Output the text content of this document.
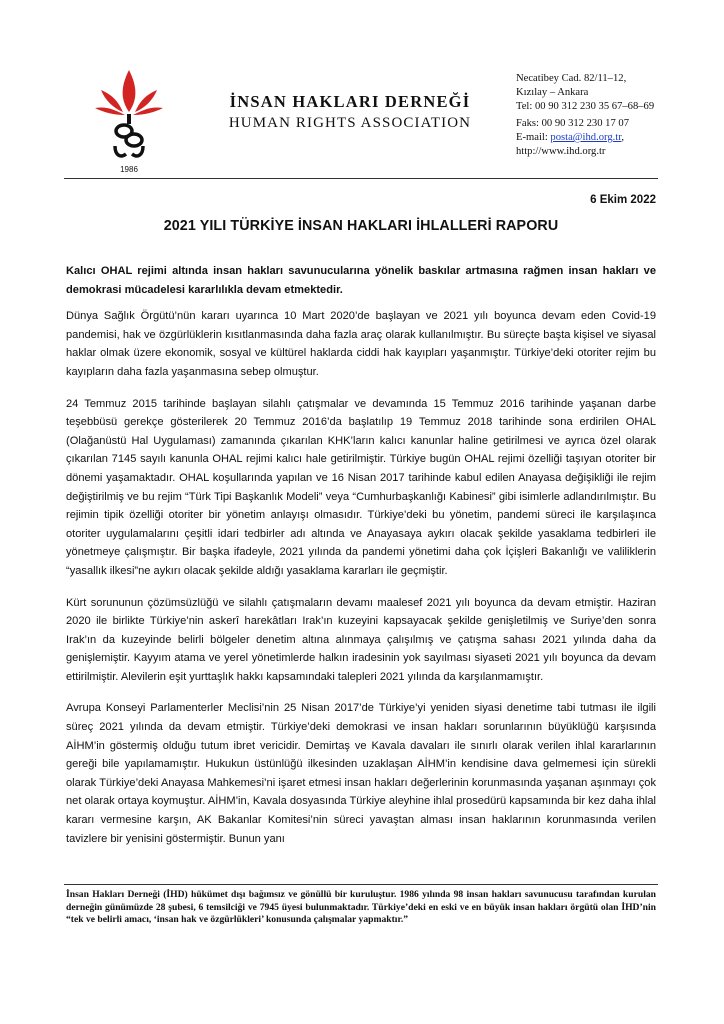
1986
İNSAN HAKLARI DERNEĞİ
HUMAN RIGHTS ASSOCIATION
Necatibey Cad. 82/11–12,
Kızılay – Ankara
Tel: 00 90 312 230 35 67–68–69
Faks: 00 90 312 230 17 07
E-mail: posta@ihd.org.tr,
http://www.ihd.org.tr
6 Ekim 2022
2021 YILI TÜRKİYE İNSAN HAKLARI İHLALLERİ RAPORU

Kalıcı OHAL rejimi altında insan hakları savunucularına yönelik baskılar artmasına rağmen insan hakları ve demokrasi mücadelesi kararlılıkla devam etmektedir.

Dünya Sağlık Örgütü’nün kararı uyarınca 10 Mart 2020’de başlayan ve 2021 yılı boyunca devam eden Covid-19 pandemisi, hak ve özgürlüklerin kısıtlanmasında daha fazla araç olarak kullanılmıştır. Bu süreçte başta kişisel ve siyasal haklar olmak üzere ekonomik, sosyal ve kültürel haklarda ciddi hak kayıpları yaşanmıştır. Türkiye’deki otoriter rejim bu kayıpların daha fazla yaşanmasına sebep olmuştur.

24 Temmuz 2015 tarihinde başlayan silahlı çatışmalar ve devamında 15 Temmuz 2016 tarihinde yaşanan darbe teşebbüsü gerekçe gösterilerek 20 Temmuz 2016’da başlatılıp 19 Temmuz 2018 tarihinde sona erdirilen OHAL (Olağanüstü Hal Uygulaması) zamanında çıkarılan KHK’ların kalıcı kanunlar haline getirilmesi ve ayrıca özel olarak çıkarılan 7145 sayılı kanunla OHAL rejimi kalıcı hale getirilmiştir. Türkiye bugün OHAL rejimi özelliği taşıyan otoriter bir dönemi yaşamaktadır. OHAL koşullarında yapılan ve 16 Nisan 2017 tarihinde kabul edilen Anayasa değişikliği ile rejim değiştirilmiş ve bu rejim “Türk Tipi Başkanlık Modeli” veya “Cumhurbaşkanlığı Kabinesi” gibi isimlerle adlandırılmıştır. Bu rejimin tipik özelliği otoriter bir yönetim anlayışı olmasıdır. Türkiye’deki bu yönetim, pandemi süreci ile karşılaşınca otoriter uygulamalarını çeşitli idari tedbirler adı altında ve Anayasaya aykırı olacak şekilde yasaklama tedbirleri ile yönetmeye çalışmıştır. Bir başka ifadeyle, 2021 yılında da pandemi yönetimi daha çok İçişleri Bakanlığı ve valiliklerin “yasallık ilkesi”ne aykırı olacak şekilde aldığı yasaklama kararları ile geçmiştir.

Kürt sorununun çözümsüzlüğü ve silahlı çatışmaların devamı maalesef 2021 yılı boyunca da devam etmiştir. Haziran 2020 ile birlikte Türkiye’nin askerî harekâtları Irak’ın kuzeyini kapsayacak şekilde genişletilmiş ve Suriye’den sonra Irak’ın da kuzeyinde belirli bölgeler denetim altına alınmaya çalışılmış ve çatışma sahası 2021 yılında daha da genişlemiştir. Kayyım atama ve yerel yönetimlerde halkın iradesinin yok sayılması siyaseti 2021 yılı boyunca da devam ettirilmiştir. Alevilerin eşit yurttaşlık hakkı kapsamındaki talepleri 2021 yılında da karşılanmamıştır.

Avrupa Konseyi Parlamenterler Meclisi’nin 25 Nisan 2017’de Türkiye’yi yeniden siyasi denetime tabi tutması ile ilgili süreç 2021 yılında da devam etmiştir. Türkiye’deki demokrasi ve insan hakları sorunlarının büyüklüğü karşısında AİHM’in göstermiş olduğu tutum ibret vericidir. Demirtaş ve Kavala davaları ile sınırlı olarak verilen ihlal kararlarının gereği bile yapılamamıştır. Hukukun üstünlüğü ilkesinden uzaklaşan AİHM’in kendisine dava gelmemesi için sürekli olarak Türkiye’deki Anayasa Mahkemesi’ni işaret etmesi insan hakları değerlerinin korunmasında yaşanan aşınmayı çok net olarak ortaya koymuştur. AİHM’in, Kavala dosyasında Türkiye aleyhine ihlal prosedürü kapsamında bir kez daha ihlal kararı vermesine karşın, AK Bakanlar Komitesi’nin süreci yavaştan alması insan haklarının korunmasında verilen tavizlere bir yenisini göstermiştir. Bunun yanı

İnsan Hakları Derneği (İHD) hükümet dışı bağımsız ve gönüllü bir kuruluştur. 1986 yılında 98 insan hakları savunucusu tarafından kurulan derneğin günümüzde 28 şubesi, 6 temsilciği ve 7945 üyesi bulunmaktadır. Türkiye’deki en eski ve en büyük insan hakları örgütü olan İHD’nin “tek ve belirli amacı, ‘insan hak ve özgürlükleri’ konusunda çalışmalar yapmaktır.”
